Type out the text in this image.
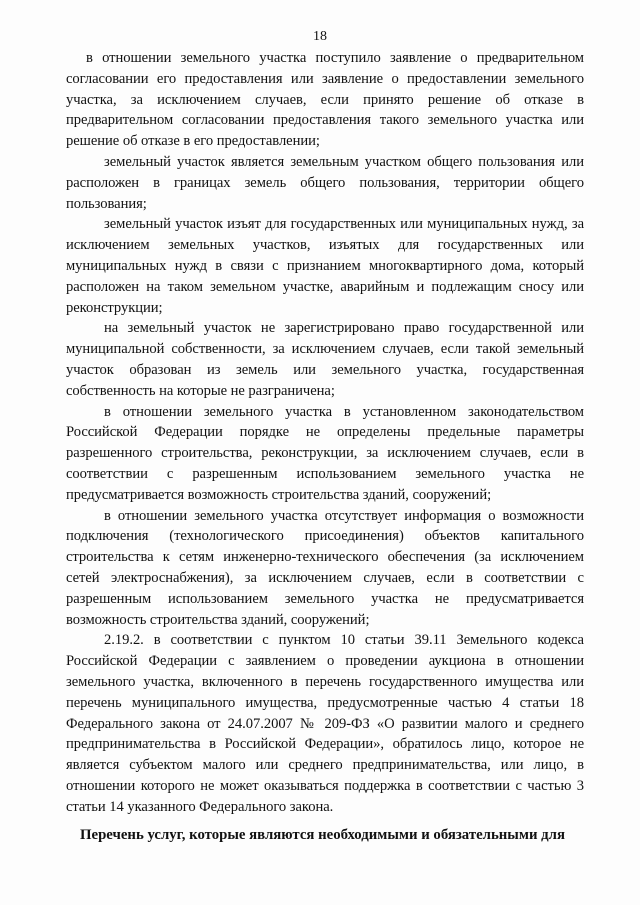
18

в отношении земельного участка поступило заявление о предварительном согласовании его предоставления или заявление о предоставлении земельного участка, за исключением случаев, если принято решение об отказе в предварительном согласовании предоставления такого земельного участка или решение об отказе в его предоставлении;

земельный участок является земельным участком общего пользования или расположен в границах земель общего пользования, территории общего пользования;

земельный участок изъят для государственных или муниципальных нужд, за исключением земельных участков, изъятых для государственных или муниципальных нужд в связи с признанием многоквартирного дома, который расположен на таком земельном участке, аварийным и подлежащим сносу или реконструкции;

на земельный участок не зарегистрировано право государственной или муниципальной собственности, за исключением случаев, если такой земельный участок образован из земель или земельного участка, государственная собственность на которые не разграничена;

в отношении земельного участка в установленном законодательством Российской Федерации порядке не определены предельные параметры разрешенного строительства, реконструкции, за исключением случаев, если в соответствии с разрешенным использованием земельного участка не предусматривается возможность строительства зданий, сооружений;

в отношении земельного участка отсутствует информация о возможности подключения (технологического присоединения) объектов капитального строительства к сетям инженерно-технического обеспечения (за исключением сетей электроснабжения), за исключением случаев, если в соответствии с разрешенным использованием земельного участка не предусматривается возможность строительства зданий, сооружений;

2.19.2. в соответствии с пунктом 10 статьи 39.11 Земельного кодекса Российской Федерации с заявлением о проведении аукциона в отношении земельного участка, включенного в перечень государственного имущества или перечень муниципального имущества, предусмотренные частью 4 статьи 18 Федерального закона от 24.07.2007 № 209-ФЗ «О развитии малого и среднего предпринимательства в Российской Федерации», обратилось лицо, которое не является субъектом малого или среднего предпринимательства, или лицо, в отношении которого не может оказываться поддержка в соответствии с частью 3 статьи 14 указанного Федерального закона.

Перечень услуг, которые являются необходимыми и обязательными для
